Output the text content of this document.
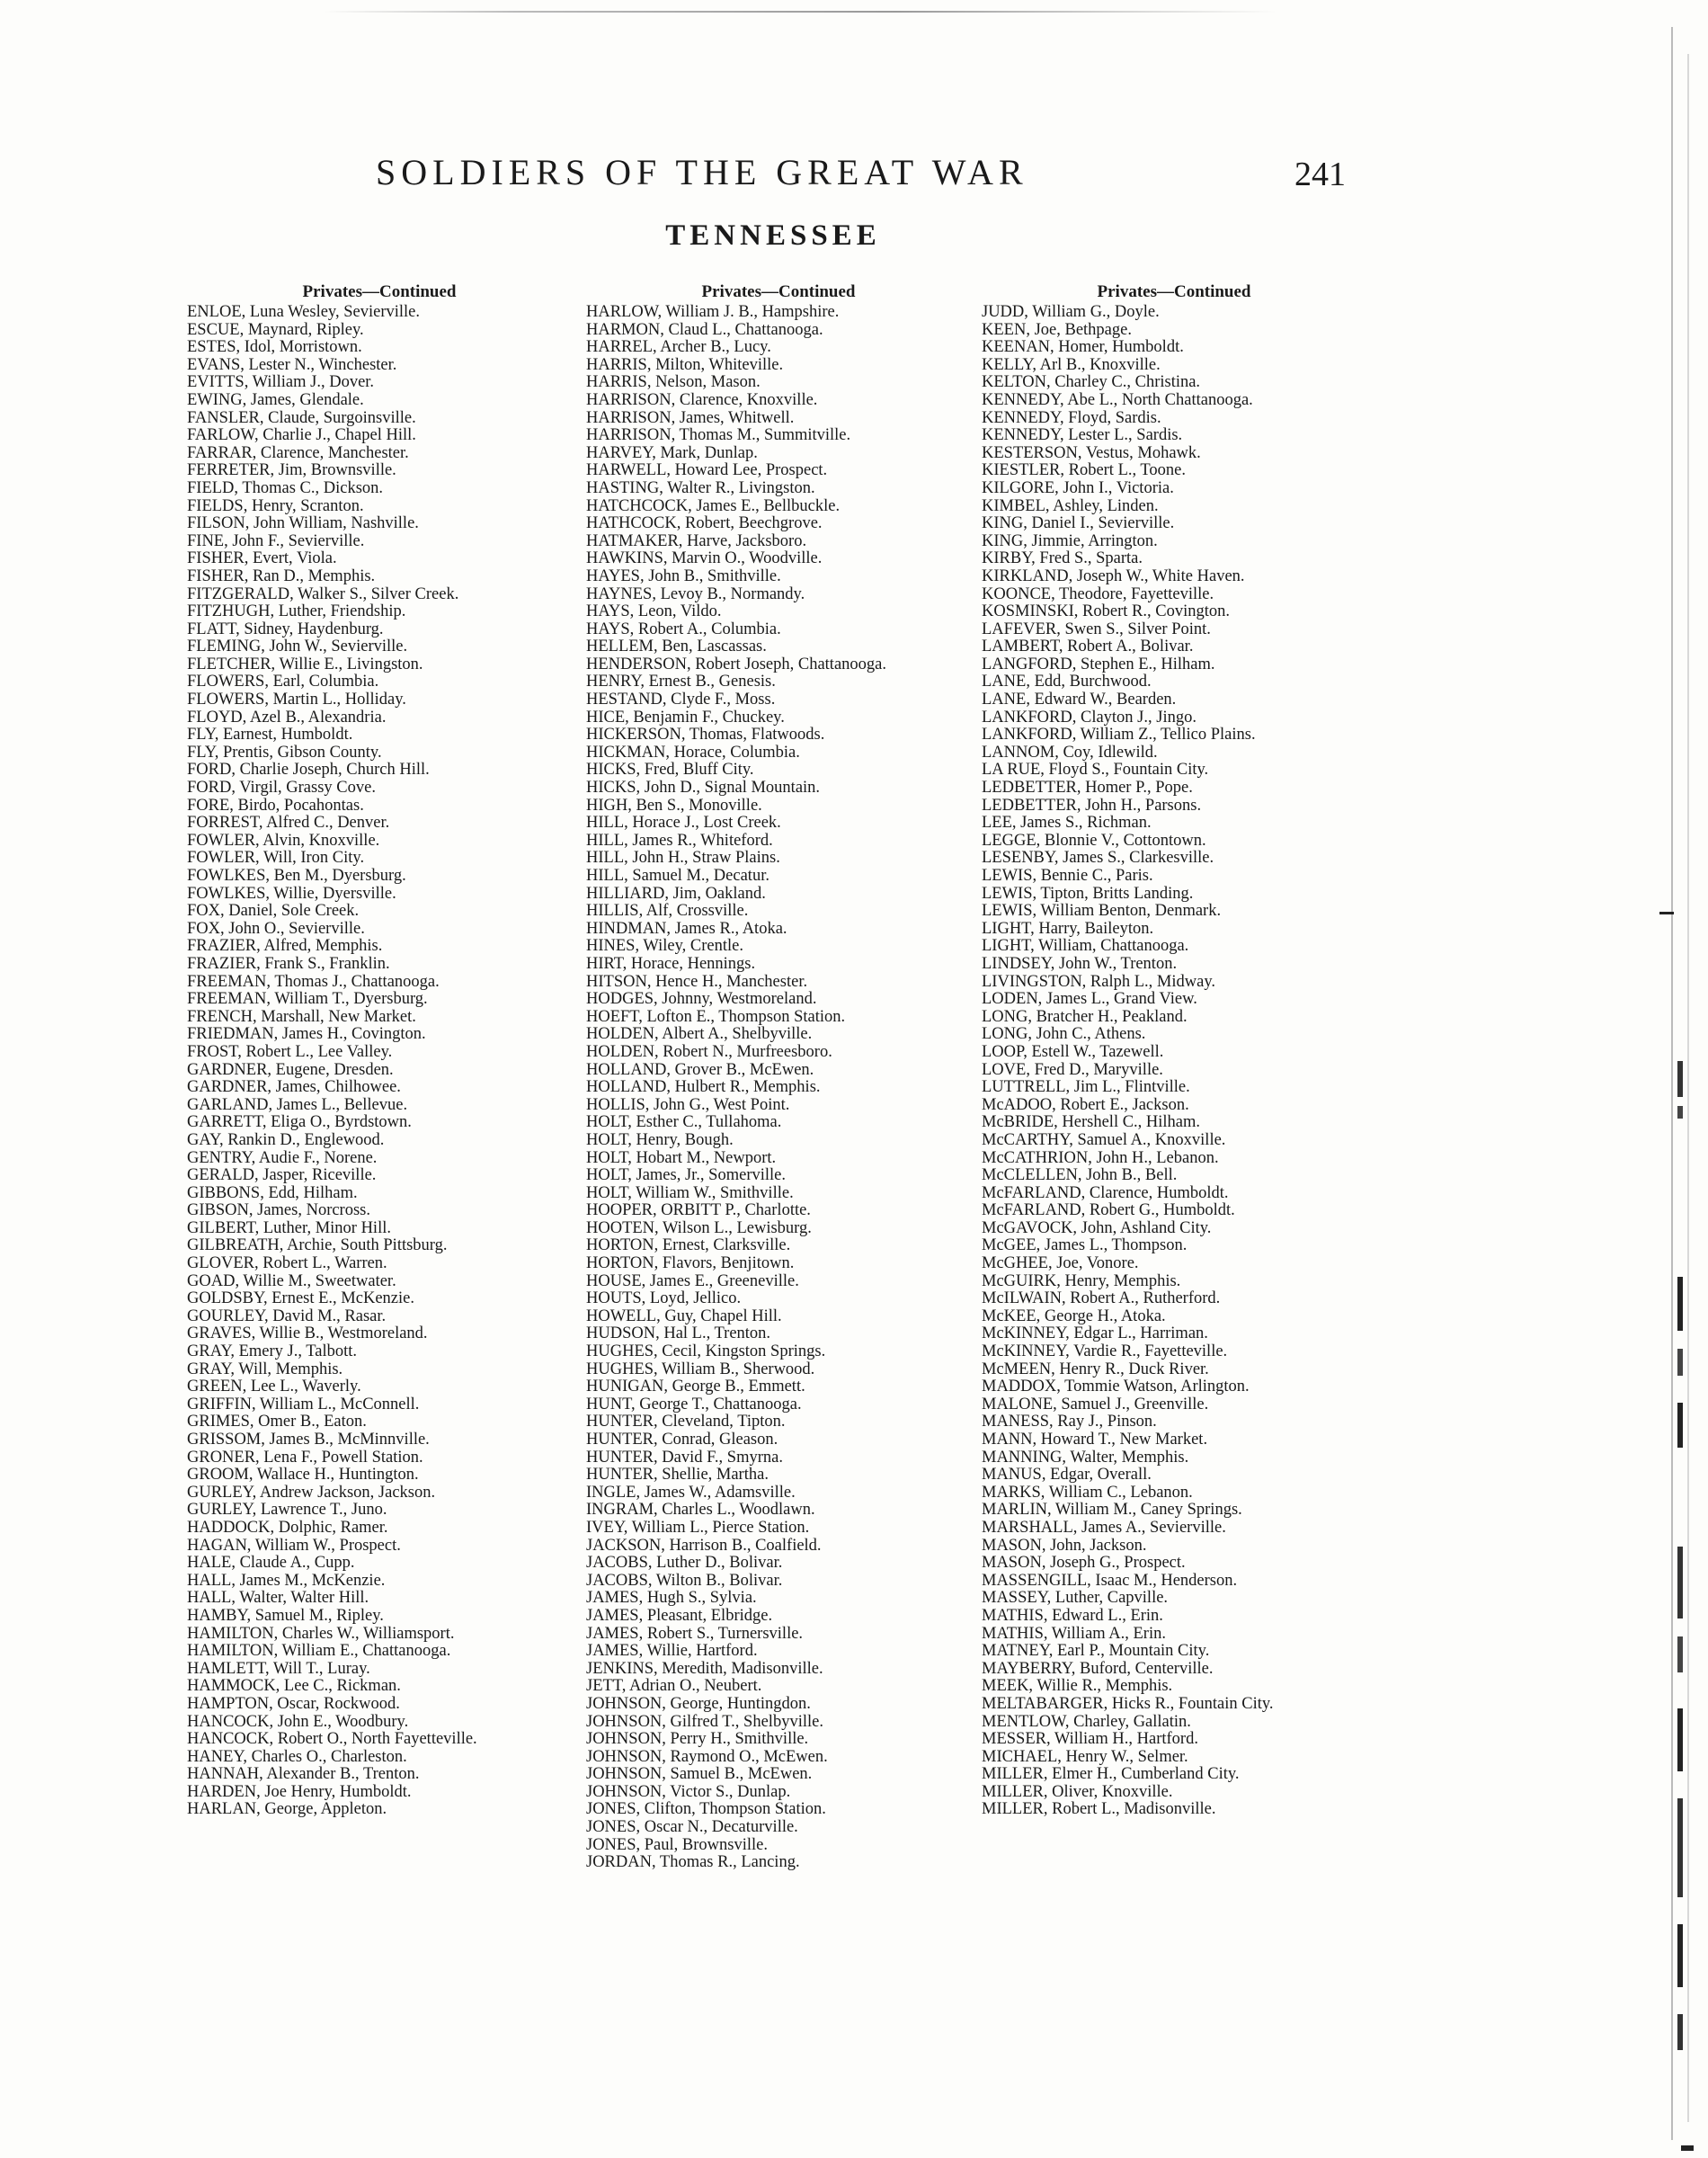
SOLDIERS OF THE GREAT WAR	241
TENNESSEE
Privates—Continued
ENLOE, Luna Wesley, Sevierville.
ESCUE, Maynard, Ripley.
ESTES, Idol, Morristown.
EVANS, Lester N., Winchester.
EVITTS, William J., Dover.
EWING, James, Glendale.
FANSLER, Claude, Surgoinsville.
FARLOW, Charlie J., Chapel Hill.
FARRAR, Clarence, Manchester.
FERRETER, Jim, Brownsville.
FIELD, Thomas C., Dickson.
FIELDS, Henry, Scranton.
FILSON, John William, Nashville.
FINE, John F., Sevierville.
FISHER, Evert, Viola.
FISHER, Ran D., Memphis.
FITZGERALD, Walker S., Silver Creek.
FITZHUGH, Luther, Friendship.
FLATT, Sidney, Haydenburg.
FLEMING, John W., Sevierville.
FLETCHER, Willie E., Livingston.
FLOWERS, Earl, Columbia.
FLOWERS, Martin L., Holliday.
FLOYD, Azel B., Alexandria.
FLY, Earnest, Humboldt.
FLY, Prentis, Gibson County.
FORD, Charlie Joseph, Church Hill.
FORD, Virgil, Grassy Cove.
FORE, Birdo, Pocahontas.
FORREST, Alfred C., Denver.
FOWLER, Alvin, Knoxville.
FOWLER, Will, Iron City.
FOWLKES, Ben M., Dyersburg.
FOWLKES, Willie, Dyersville.
FOX, Daniel, Sole Creek.
FOX, John O., Sevierville.
FRAZIER, Alfred, Memphis.
FRAZIER, Frank S., Franklin.
FREEMAN, Thomas J., Chattanooga.
FREEMAN, William T., Dyersburg.
FRENCH, Marshall, New Market.
FRIEDMAN, James H., Covington.
FROST, Robert L., Lee Valley.
GARDNER, Eugene, Dresden.
GARDNER, James, Chilhowee.
GARLAND, James L., Bellevue.
GARRETT, Eliga O., Byrdstown.
GAY, Rankin D., Englewood.
GENTRY, Audie F., Norene.
GERALD, Jasper, Riceville.
GIBBONS, Edd, Hilham.
GIBSON, James, Norcross.
GILBERT, Luther, Minor Hill.
GILBREATH, Archie, South Pittsburg.
GLOVER, Robert L., Warren.
GOAD, Willie M., Sweetwater.
GOLDSBY, Ernest E., McKenzie.
GOURLEY, David M., Rasar.
GRAVES, Willie B., Westmoreland.
GRAY, Emery J., Talbott.
GRAY, Will, Memphis.
GREEN, Lee L., Waverly.
GRIFFIN, William L., McConnell.
GRIMES, Omer B., Eaton.
GRISSOM, James B., McMinnville.
GRONER, Lena F., Powell Station.
GROOM, Wallace H., Huntington.
GURLEY, Andrew Jackson, Jackson.
GURLEY, Lawrence T., Juno.
HADDOCK, Dolphic, Ramer.
HAGAN, William W., Prospect.
HALE, Claude A., Cupp.
HALL, James M., McKenzie.
HALL, Walter, Walter Hill.
HAMBY, Samuel M., Ripley.
HAMILTON, Charles W., Williamsport.
HAMILTON, William E., Chattanooga.
HAMLETT, Will T., Luray.
HAMMOCK, Lee C., Rickman.
HAMPTON, Oscar, Rockwood.
HANCOCK, John E., Woodbury.
HANCOCK, Robert O., North Fayetteville.
HANEY, Charles O., Charleston.
HANNAH, Alexander B., Trenton.
HARDEN, Joe Henry, Humboldt.
HARLAN, George, Appleton.
Privates—Continued
HARLOW, William J. B., Hampshire.
HARMON, Claud L., Chattanooga.
HARREL, Archer B., Lucy.
HARRIS, Milton, Whiteville.
HARRIS, Nelson, Mason.
HARRISON, Clarence, Knoxville.
HARRISON, James, Whitwell.
HARRISON, Thomas M., Summitville.
HARVEY, Mark, Dunlap.
HARWELL, Howard Lee, Prospect.
HASTING, Walter R., Livingston.
HATCHCOCK, James E., Bellbuckle.
HATHCOCK, Robert, Beechgrove.
HATMAKER, Harve, Jacksboro.
HAWKINS, Marvin O., Woodville.
HAYES, John B., Smithville.
HAYNES, Levoy B., Normandy.
HAYS, Leon, Vildo.
HAYS, Robert A., Columbia.
HELLEM, Ben, Lascassas.
HENDERSON, Robert Joseph, Chattanooga.
HENRY, Ernest B., Genesis.
HESTAND, Clyde F., Moss.
HICE, Benjamin F., Chuckey.
HICKERSON, Thomas, Flatwoods.
HICKMAN, Horace, Columbia.
HICKS, Fred, Bluff City.
HICKS, John D., Signal Mountain.
HIGH, Ben S., Monoville.
HILL, Horace J., Lost Creek.
HILL, James R., Whiteford.
HILL, John H., Straw Plains.
HILL, Samuel M., Decatur.
HILLIARD, Jim, Oakland.
HILLIS, Alf, Crossville.
HINDMAN, James R., Atoka.
HINES, Wiley, Crentle.
HIRT, Horace, Hennings.
HITSON, Hence H., Manchester.
HODGES, Johnny, Westmoreland.
HOEFT, Lofton E., Thompson Station.
HOLDEN, Albert A., Shelbyville.
HOLDEN, Robert N., Murfreesboro.
HOLLAND, Grover B., McEwen.
HOLLAND, Hulbert R., Memphis.
HOLLIS, John G., West Point.
HOLT, Esther C., Tullahoma.
HOLT, Henry, Bough.
HOLT, Hobart M., Newport.
HOLT, James, Jr., Somerville.
HOLT, William W., Smithville.
HOOPER, ORBITT P., Charlotte.
HOOTEN, Wilson L., Lewisburg.
HORTON, Ernest, Clarksville.
HORTON, Flavors, Benjitown.
HOUSE, James E., Greeneville.
HOUTS, Loyd, Jellico.
HOWELL, Guy, Chapel Hill.
HUDSON, Hal L., Trenton.
HUGHES, Cecil, Kingston Springs.
HUGHES, William B., Sherwood.
HUNIGAN, George B., Emmett.
HUNT, George T., Chattanooga.
HUNTER, Cleveland, Tipton.
HUNTER, Conrad, Gleason.
HUNTER, David F., Smyrna.
HUNTER, Shellie, Martha.
INGLE, James W., Adamsville.
INGRAM, Charles L., Woodlawn.
IVEY, William L., Pierce Station.
JACKSON, Harrison B., Coalfield.
JACOBS, Luther D., Bolivar.
JACOBS, Wilton B., Bolivar.
JAMES, Hugh S., Sylvia.
JAMES, Pleasant, Elbridge.
JAMES, Robert S., Turnersville.
JAMES, Willie, Hartford.
JENKINS, Meredith, Madisonville.
JETT, Adrian O., Neubert.
JOHNSON, George, Huntingdon.
JOHNSON, Gilfred T., Shelbyville.
JOHNSON, Perry H., Smithville.
JOHNSON, Raymond O., McEwen.
JOHNSON, Samuel B., McEwen.
JOHNSON, Victor S., Dunlap.
JONES, Clifton, Thompson Station.
JONES, Oscar N., Decaturville.
JONES, Paul, Brownsville.
JORDAN, Thomas R., Lancing.
Privates—Continued
JUDD, William G., Doyle.
KEEN, Joe, Bethpage.
KEENAN, Homer, Humboldt.
KELLY, Arl B., Knoxville.
KELTON, Charley C., Christina.
KENNEDY, Abe L., North Chattanooga.
KENNEDY, Floyd, Sardis.
KENNEDY, Lester L., Sardis.
KESTERSON, Vestus, Mohawk.
KIESTLER, Robert L., Toone.
KILGORE, John I., Victoria.
KIMBEL, Ashley, Linden.
KING, Daniel I., Sevierville.
KING, Jimmie, Arrington.
KIRBY, Fred S., Sparta.
KIRKLAND, Joseph W., White Haven.
KOONCE, Theodore, Fayetteville.
KOSMINSKI, Robert R., Covington.
LAFEVER, Swen S., Silver Point.
LAMBERT, Robert A., Bolivar.
LANGFORD, Stephen E., Hilham.
LANE, Edd, Burchwood.
LANE, Edward W., Bearden.
LANKFORD, Clayton J., Jingo.
LANKFORD, William Z., Tellico Plains.
LANNOM, Coy, Idlewild.
LA RUE, Floyd S., Fountain City.
LEDBETTER, Homer P., Pope.
LEDBETTER, John H., Parsons.
LEE, James S., Richman.
LEGGE, Blonnie V., Cottontown.
LESENBY, James S., Clarkesville.
LEWIS, Bennie C., Paris.
LEWIS, Tipton, Britts Landing.
LEWIS, William Benton, Denmark.
LIGHT, Harry, Baileyton.
LIGHT, William, Chattanooga.
LINDSEY, John W., Trenton.
LIVINGSTON, Ralph L., Midway.
LODEN, James L., Grand View.
LONG, Bratcher H., Peakland.
LONG, John C., Athens.
LOOP, Estell W., Tazewell.
LOVE, Fred D., Maryville.
LUTTRELL, Jim L., Flintville.
McADOO, Robert E., Jackson.
McBRIDE, Hershell C., Hilham.
McCARTHY, Samuel A., Knoxville.
McCATHRION, John H., Lebanon.
McCLELLEN, John B., Bell.
McFARLAND, Clarence, Humboldt.
McFARLAND, Robert G., Humboldt.
McGAVOCK, John, Ashland City.
McGEE, James L., Thompson.
McGHEE, Joe, Vonore.
McGUIRK, Henry, Memphis.
McILWAIN, Robert A., Rutherford.
McKEE, George H., Atoka.
McKINNEY, Edgar L., Harriman.
McKINNEY, Vardie R., Fayetteville.
McMEEN, Henry R., Duck River.
MADDOX, Tommie Watson, Arlington.
MALONE, Samuel J., Greenville.
MANESS, Ray J., Pinson.
MANN, Howard T., New Market.
MANNING, Walter, Memphis.
MANUS, Edgar, Overall.
MARKS, William C., Lebanon.
MARLIN, William M., Caney Springs.
MARSHALL, James A., Sevierville.
MASON, John, Jackson.
MASON, Joseph G., Prospect.
MASSENGILL, Isaac M., Henderson.
MASSEY, Luther, Capville.
MATHIS, Edward L., Erin.
MATHIS, William A., Erin.
MATNEY, Earl P., Mountain City.
MAYBERRY, Buford, Centerville.
MEEK, Willie R., Memphis.
MELTABARGER, Hicks R., Fountain City.
MENTLOW, Charley, Gallatin.
MESSER, William H., Hartford.
MICHAEL, Henry W., Selmer.
MILLER, Elmer H., Cumberland City.
MILLER, Oliver, Knoxville.
MILLER, Robert L., Madisonville.
